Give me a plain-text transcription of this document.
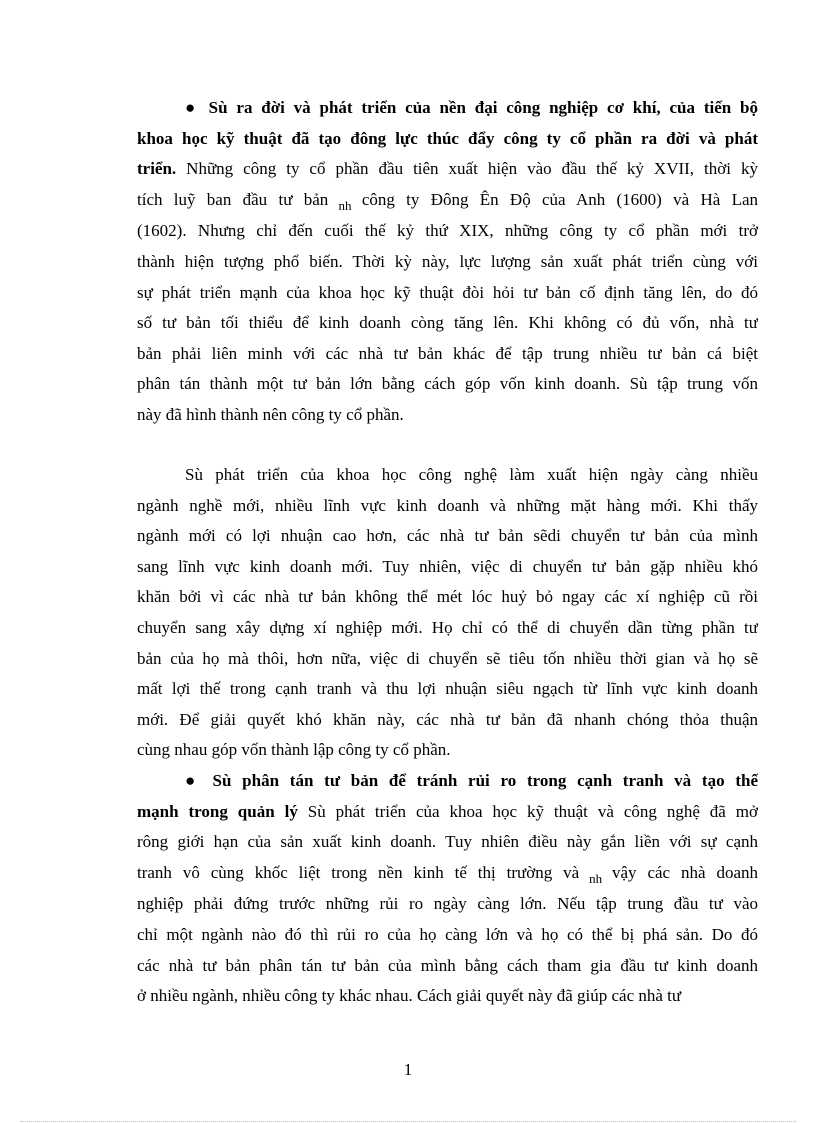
● Sù ra đời và phát triển của nền đại công nghiệp cơ khí, của tiến bộ
khoa học kỹ thuật đã tạo đông lực thúc đẩy công ty cổ phần ra đời và phát
triển. Những công ty cổ phần đầu tiên xuất hiện vào đầu thế kỷ XVII, thời kỳ
tích luỹ ban đầu tư bản $_{nh}$ công ty Đông Ên Độ của Anh (1600) và Hà Lan
(1602). Nhưng chỉ đến cuối thế kỷ thứ XIX, những công ty cổ phần mới trở
thành hiện tượng phổ biến. Thời kỳ này, lực lượng sản xuất phát triển cùng với
sự phát triển mạnh của khoa học kỹ thuật đòi hỏi tư bản cố định tăng lên, do đó
số tư bản tối thiểu để kinh doanh còng tăng lên. Khi không có đủ vốn, nhà tư
bản phải liên minh với các nhà tư bản khác để tập trung nhiều tư bản cá biệt
phân tán thành một tư bản lớn bằng cách góp vốn kinh doanh. Sù tập trung vốn
này đã hình thành nên công ty cổ phần.
Sù phát triển của khoa học công nghệ làm xuất hiện ngày càng nhiều
ngành nghề mới, nhiều lĩnh vực kinh doanh và những mặt hàng mới. Khi thấy
ngành mới có lợi nhuận cao hơn, các nhà tư bản sẽdi chuyển tư bản của mình
sang lĩnh vực kinh doanh mới. Tuy nhiên, việc di chuyển tư bản gặp nhiều khó
khăn bởi vì các nhà tư bản không thể mét lóc huỷ bỏ ngay các xí nghiệp cũ rồi
chuyển sang xây dựng xí nghiệp mới. Họ chỉ có thể di chuyển dần từng phần tư
bản của họ mà thôi, hơn nữa, việc di chuyển sẽ tiêu tốn nhiều thời gian và họ sẽ
mất lợi thế trong cạnh tranh và thu lợi nhuận siêu ngạch từ lĩnh vực kinh doanh
mới. Để giải quyết khó khăn này, các nhà tư bản đã nhanh chóng thỏa thuận
cùng nhau góp vốn thành lập công ty cổ phần.
● Sù phân tán tư bản để tránh rủi ro trong cạnh tranh và tạo thế
mạnh trong quản lý Sù phát triển của khoa học kỹ thuật và công nghệ đã mở
rông giới hạn của sản xuất kinh doanh. Tuy nhiên điều này gắn liền với sự cạnh
tranh vô cùng khốc liệt trong nền kinh tế thị trường và $_{nh}$ vậy các nhà doanh
nghiệp phải đứng trước những rủi ro ngày càng lớn. Nếu tập trung đầu tư vào
chỉ một ngành nào đó thì rủi ro của họ càng lớn và họ có thể bị phá sản. Do đó
các nhà tư bản phân tán tư bản của mình bằng cách tham gia đầu tư kinh doanh
ở nhiều ngành, nhiều công ty khác nhau. Cách giải quyết này đã giúp các nhà tư
1
